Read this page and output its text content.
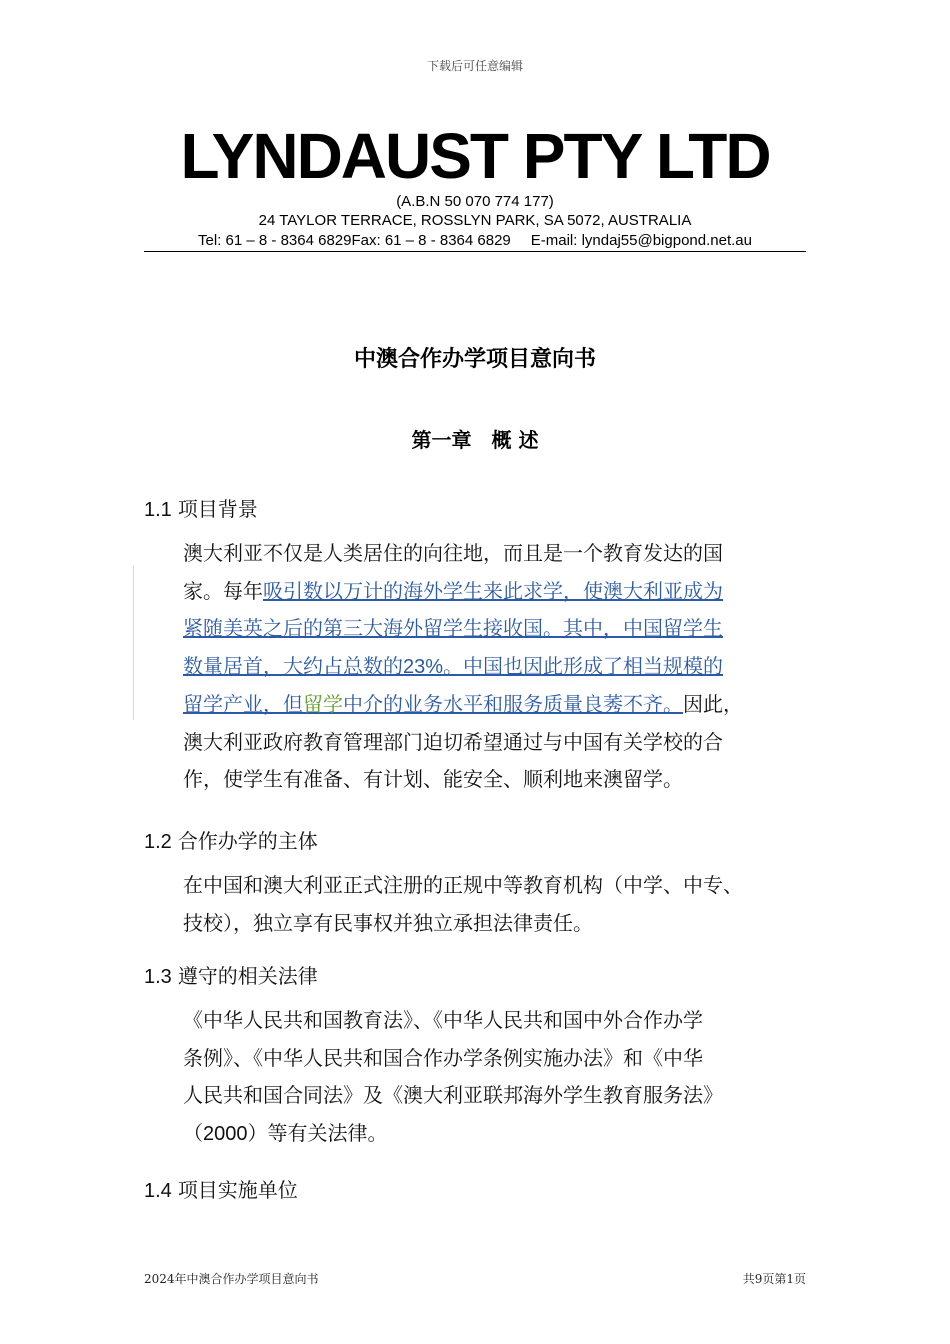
下载后可任意编辑
LYNDAUST PTY LTD
(A.B.N 50 070 774 177)
24 TAYLOR TERRACE, ROSSLYN PARK, SA 5072, AUSTRALIA
Tel: 61 – 8 - 8364 6829Fax: 61 – 8 - 8364 6829 E-mail: lyndaj55@bigpond.net.au
中澳合作办学项目意向书
第一章　概 述
1.1 项目背景
澳大利亚不仅是人类居住的向往地，而且是一个教育发达的国
家。每年吸引数以万计的海外学生来此求学，使澳大利亚成为
紧随美英之后的第三大海外留学生接收国。其中，中国留学生
数量居首，大约占总数的23%。中国也因此形成了相当规模的
留学产业，但留学中介的业务水平和服务质量良莠不齐。因此，
澳大利亚政府教育管理部门迫切希望通过与中国有关学校的合
作，使学生有准备、有计划、能安全、顺利地来澳留学。
1.2 合作办学的主体
在中国和澳大利亚正式注册的正规中等教育机构（中学、中专、
技校），独立享有民事权并独立承担法律责任。
1.3 遵守的相关法律
《中华人民共和国教育法》、《中华人民共和国中外合作办学
条例》、《中华人民共和国合作办学条例实施办法》和《中华
人民共和国合同法》及《澳大利亚联邦海外学生教育服务法》
（2000）等有关法律。
1.4 项目实施单位
2024年中澳合作办学项目意向书	共9页第1页
